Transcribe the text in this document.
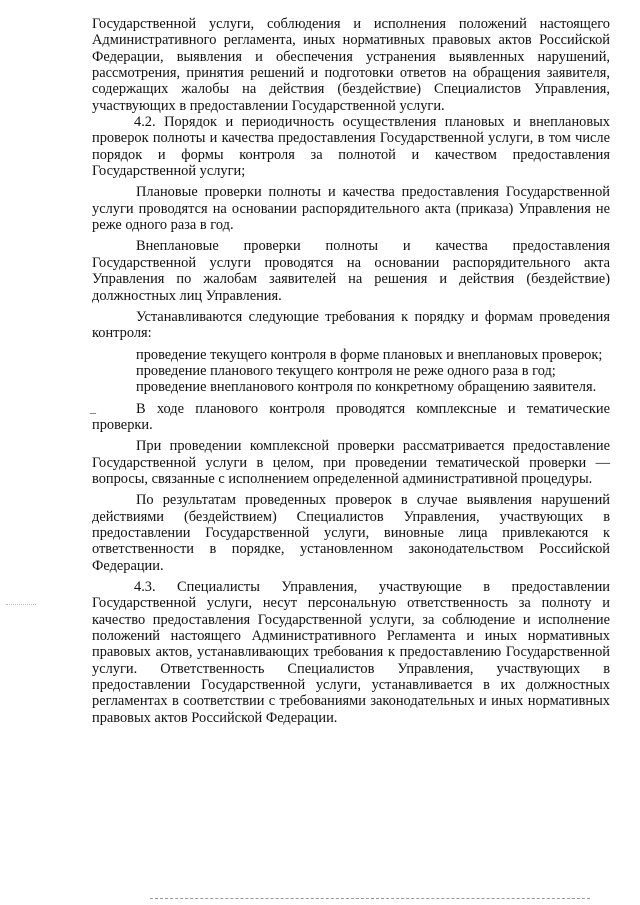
Государственной услуги, соблюдения и исполнения положений настоящего Административного регламента, иных нормативных правовых актов Российской Федерации, выявления и обеспечения устранения выявленных нарушений, рассмотрения, принятия решений и подготовки ответов на обращения заявителя, содержащих жалобы на действия (бездействие) Специалистов Управления, участвующих в предоставлении Государственной услуги.

4.2. Порядок и периодичность осуществления плановых и внеплановых проверок полноты и качества предоставления Государственной услуги, в том числе порядок и формы контроля за полнотой и качеством предоставления Государственной услуги;

Плановые проверки полноты и качества предоставления Государственной услуги проводятся на основании распорядительного акта (приказа) Управления не реже одного раза в год.

Внеплановые проверки полноты и качества предоставления Государственной услуги проводятся на основании распорядительного акта Управления по жалобам заявителей на решения и действия (бездействие) должностных лиц Управления.

Устанавливаются следующие требования к порядку и формам проведения контроля:

проведение текущего контроля в форме плановых и внеплановых проверок;

проведение планового текущего контроля не реже одного раза в год;

проведение внепланового контроля по конкретному обращению заявителя.

В ходе планового контроля проводятся комплексные и тематические проверки.

При проведении комплексной проверки рассматривается предоставление Государственной услуги в целом, при проведении тематической проверки — вопросы, связанные с исполнением определенной административной процедуры.

По результатам проведенных проверок в случае выявления нарушений действиями (бездействием) Специалистов Управления, участвующих в предоставлении Государственной услуги, виновные лица привлекаются к ответственности в порядке, установленном законодательством Российской Федерации.

4.3. Специалисты Управления, участвующие в предоставлении Государственной услуги, несут персональную ответственность за полноту и качество предоставления Государственной услуги, за соблюдение и исполнение положений настоящего Административного Регламента и иных нормативных правовых актов, устанавливающих требования к предоставлению Государственной услуги. Ответственность Специалистов Управления, участвующих в предоставлении Государственной услуги, устанавливается в их должностных регламентах в соответствии с требованиями законодательных и иных нормативных правовых актов Российской Федерации.

–
